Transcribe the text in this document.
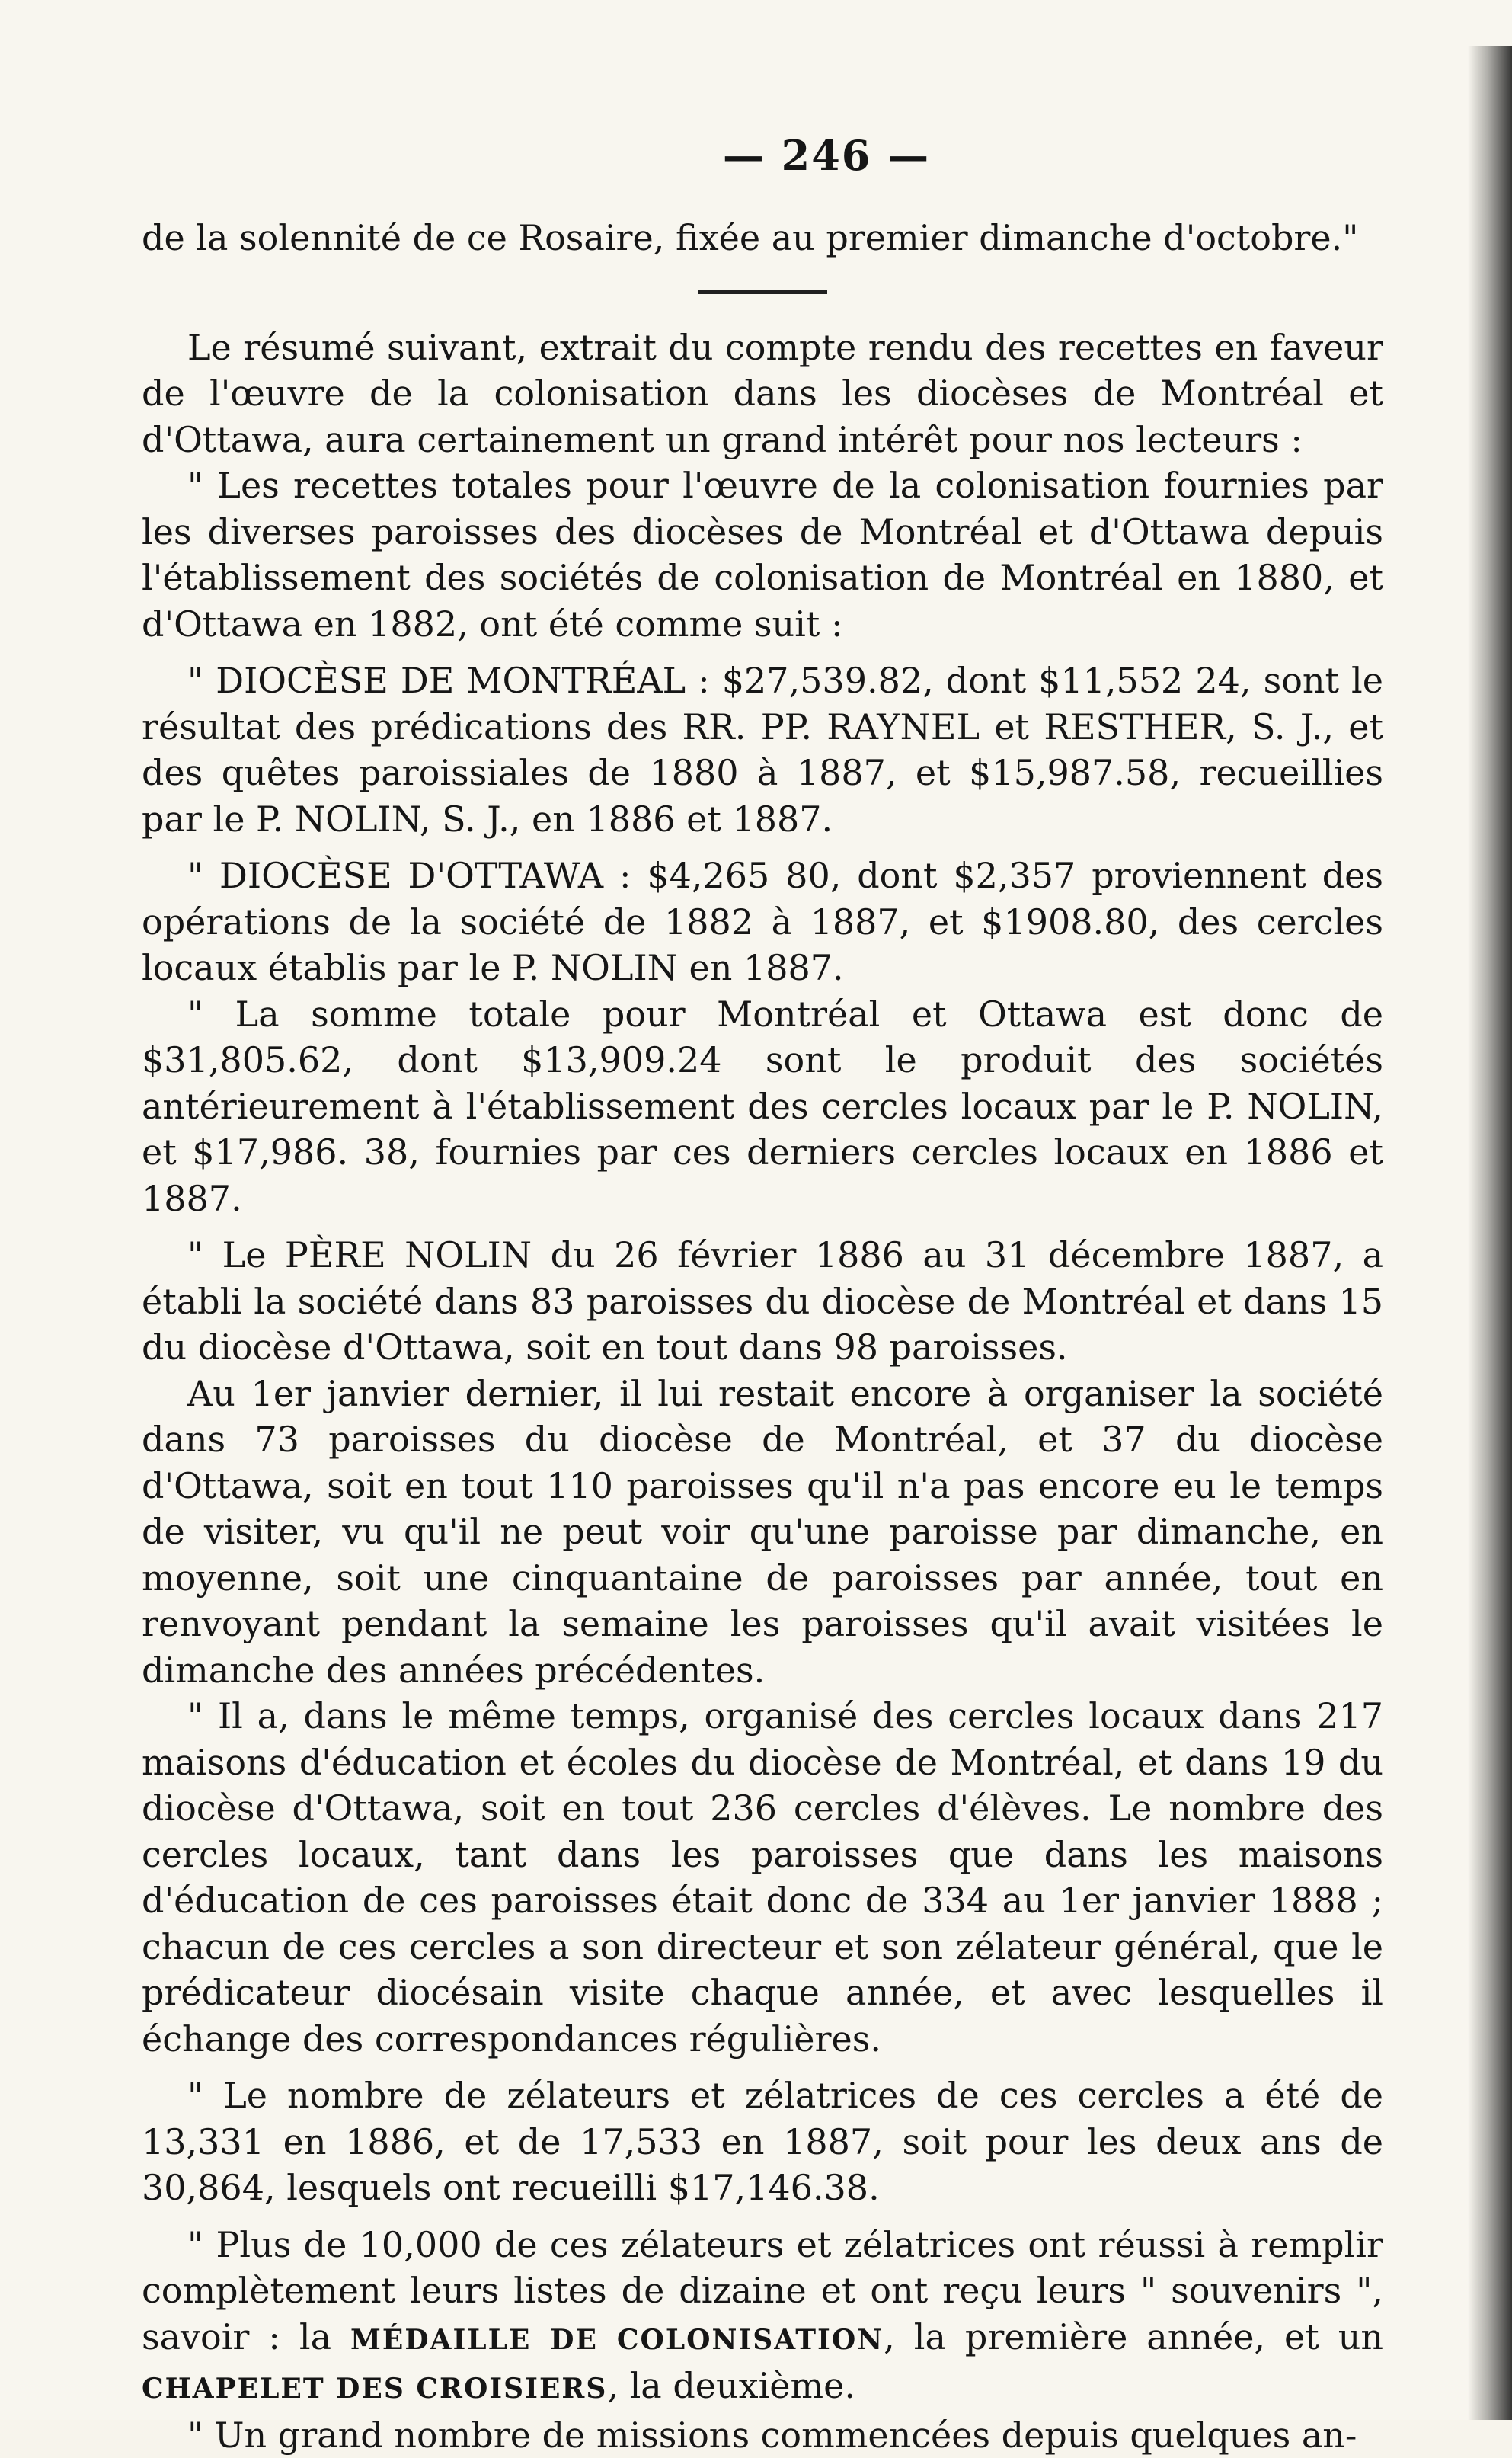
— 246 —

de la solennité de ce Rosaire, fixée au premier dimanche d'octobre."

Le résumé suivant, extrait du compte rendu des recettes en faveur de l'œuvre de la colonisation dans les diocèses de Montréal et d'Ottawa, aura certainement un grand intérêt pour nos lecteurs :

" Les recettes totales pour l'œuvre de la colonisation fournies par les diverses paroisses des diocèses de Montréal et d'Ottawa depuis l'établissement des sociétés de colonisation de Montréal en 1880, et d'Ottawa en 1882, ont été comme suit :

" DIOCÈSE DE MONTRÉAL : $27,539.82, dont $11,552 24, sont le résultat des prédications des RR. PP. RAYNEL et RESTHER, S. J., et des quêtes paroissiales de 1880 à 1887, et $15,987.58, recueillies par le P. NOLIN, S. J., en 1886 et 1887.

" DIOCÈSE D'OTTAWA : $4,265 80, dont $2,357 proviennent des opérations de la société de 1882 à 1887, et $1908.80, des cercles locaux établis par le P. NOLIN en 1887.

" La somme totale pour Montréal et Ottawa est donc de $31,805.62, dont $13,909.24 sont le produit des sociétés antérieurement à l'établissement des cercles locaux par le P. NOLIN, et $17,986. 38, fournies par ces derniers cercles locaux en 1886 et 1887.

" Le PÈRE NOLIN du 26 février 1886 au 31 décembre 1887, a établi la société dans 83 paroisses du diocèse de Montréal et dans 15 du diocèse d'Ottawa, soit en tout dans 98 paroisses.

Au 1er janvier dernier, il lui restait encore à organiser la société dans 73 paroisses du diocèse de Montréal, et 37 du diocèse d'Ottawa, soit en tout 110 paroisses qu'il n'a pas encore eu le temps de visiter, vu qu'il ne peut voir qu'une paroisse par dimanche, en moyenne, soit une cinquantaine de paroisses par année, tout en renvoyant pendant la semaine les paroisses qu'il avait visitées le dimanche des années précédentes.

" Il a, dans le même temps, organisé des cercles locaux dans 217 maisons d'éducation et écoles du diocèse de Montréal, et dans 19 du diocèse d'Ottawa, soit en tout 236 cercles d'élèves. Le nombre des cercles locaux, tant dans les paroisses que dans les maisons d'éducation de ces paroisses était donc de 334 au 1er janvier 1888 ; chacun de ces cercles a son directeur et son zélateur général, que le prédicateur diocésain visite chaque année, et avec lesquelles il échange des correspondances régulières.

" Le nombre de zélateurs et zélatrices de ces cercles a été de 13,331 en 1886, et de 17,533 en 1887, soit pour les deux ans de 30,864, lesquels ont recueilli $17,146.38.

" Plus de 10,000 de ces zélateurs et zélatrices ont réussi à remplir complètement leurs listes de dizaine et ont reçu leurs " souvenirs ", savoir : la MÉDAILLE DE COLONISATION, la première année, et un CHAPELET DES CROISIERS, la deuxième.

" Un grand nombre de missions commencées depuis quelques an-
